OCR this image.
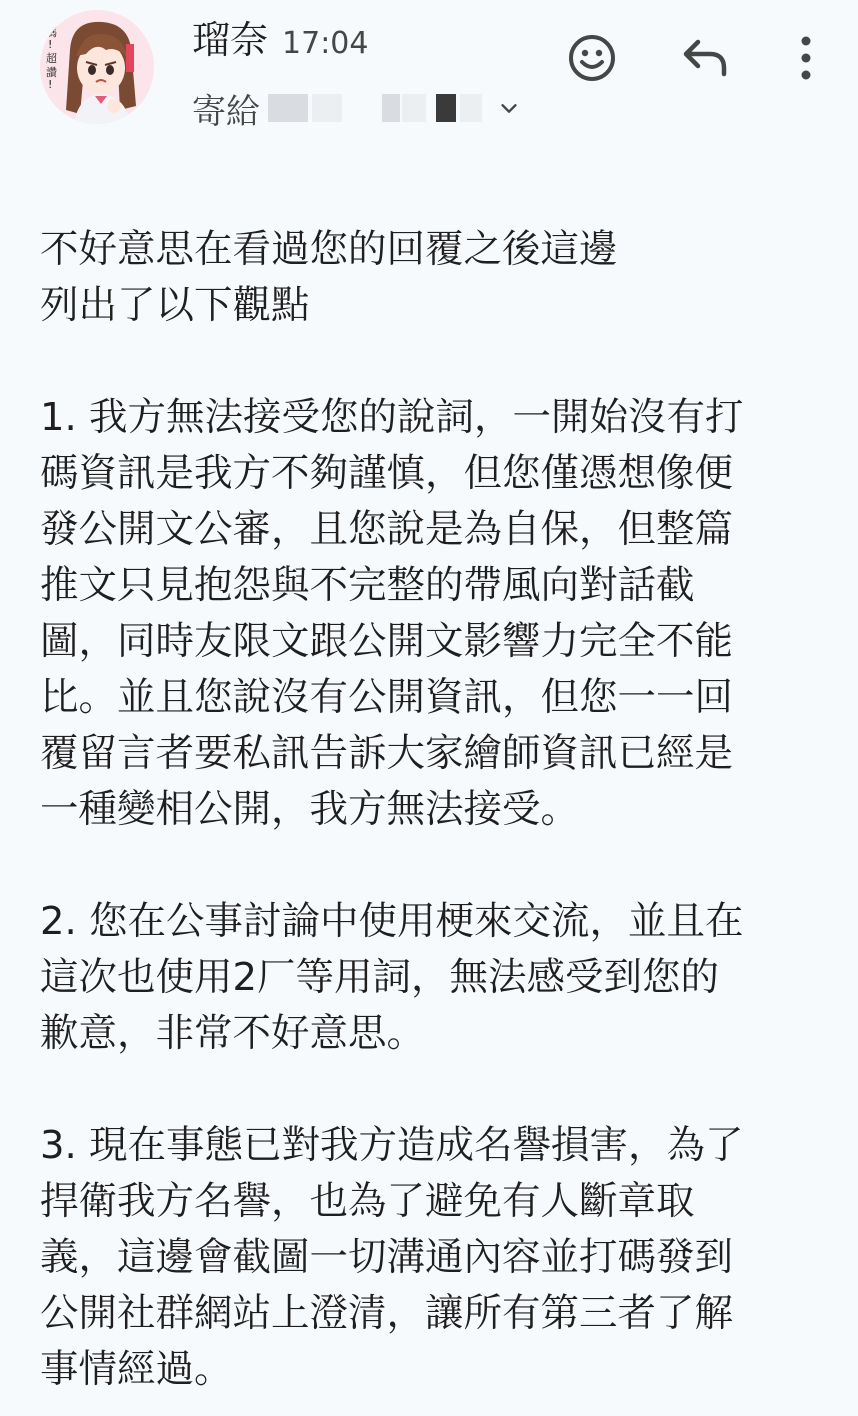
嗎
!
超
讚
!
瑠奈 17:04
寄給

不好意思在看過您的回覆之後這邊
列出了以下觀點

1. 我方無法接受您的說詞，一開始沒有打
碼資訊是我方不夠謹慎，但您僅憑想像便
發公開文公審，且您說是為自保，但整篇
推文只見抱怨與不完整的帶風向對話截
圖，同時友限文跟公開文影響力完全不能
比。並且您說沒有公開資訊，但您一一回
覆留言者要私訊告訴大家繪師資訊已經是
一種變相公開，我方無法接受。

2. 您在公事討論中使用梗來交流，並且在
這次也使用2厂等用詞，無法感受到您的
歉意，非常不好意思。

3. 現在事態已對我方造成名譽損害，為了
捍衛我方名譽，也為了避免有人斷章取
義，這邊會截圖一切溝通內容並打碼發到
公開社群網站上澄清，讓所有第三者了解
事情經過。
